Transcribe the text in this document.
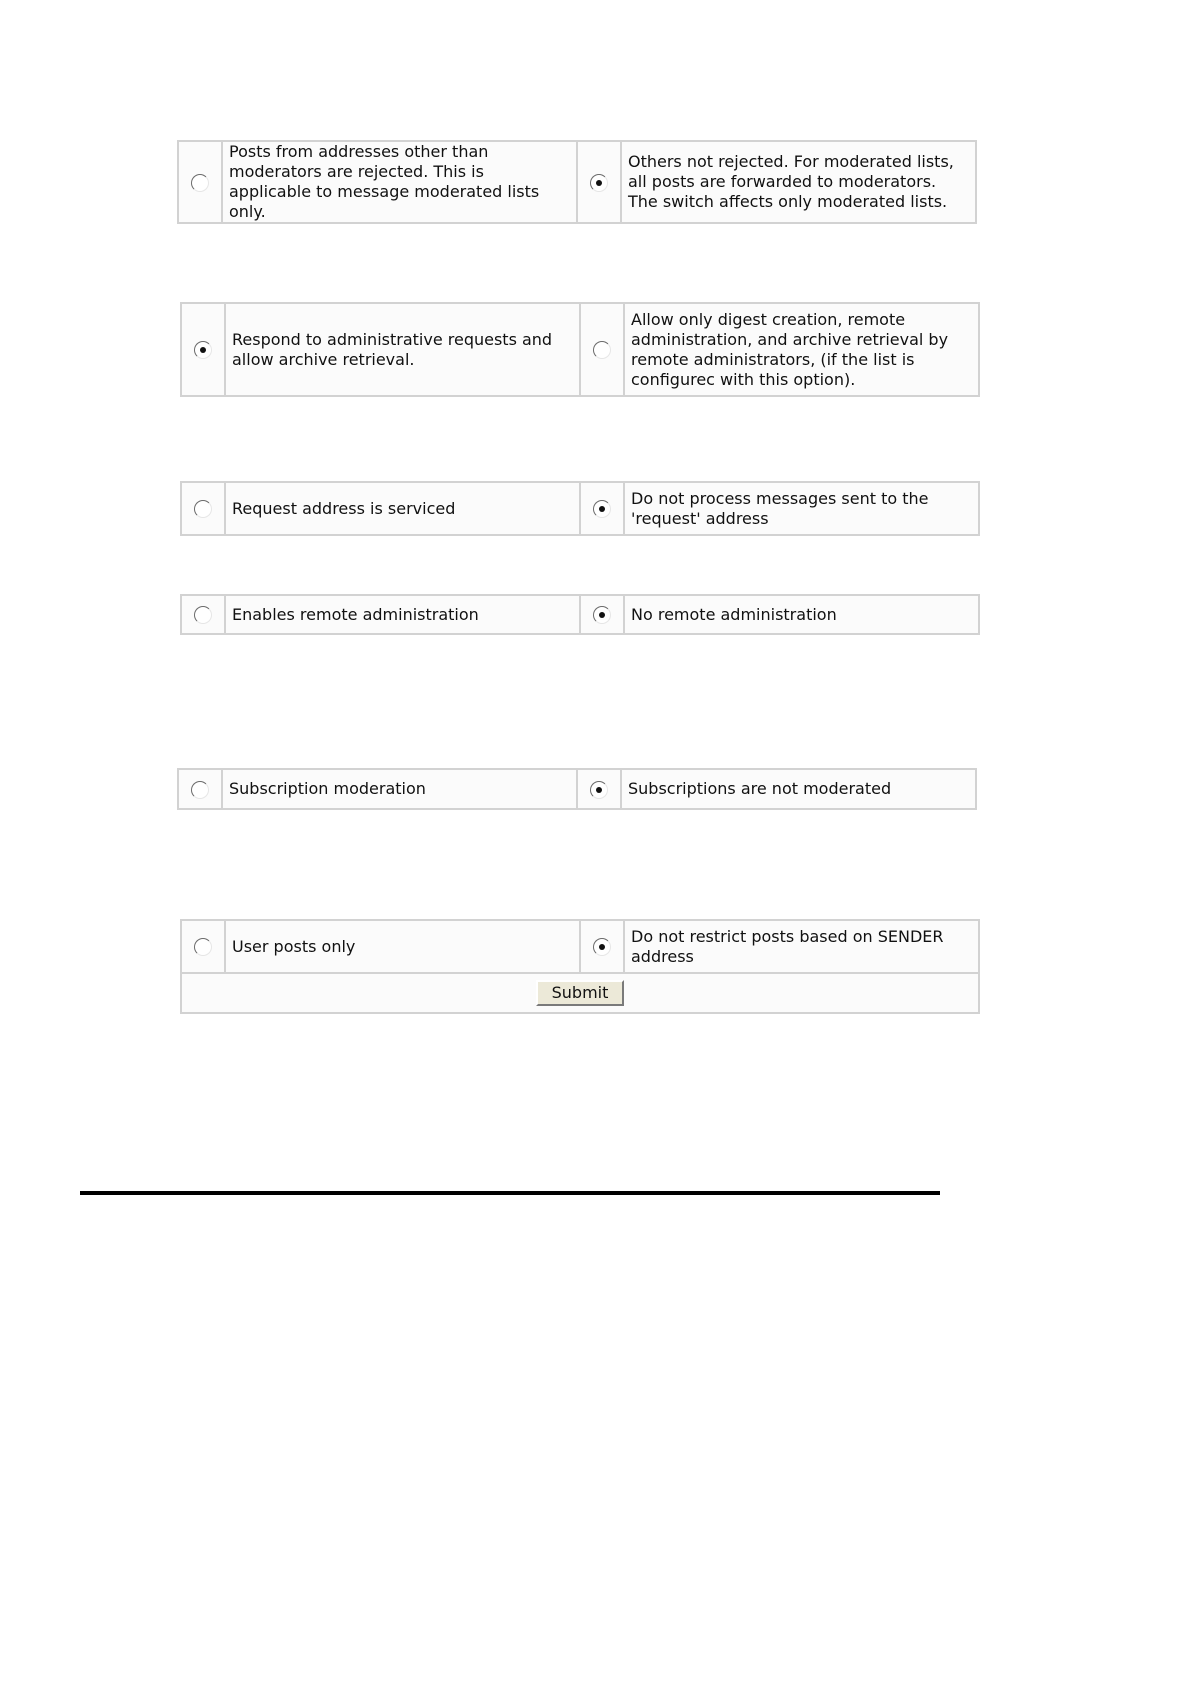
	Posts from addresses other than moderators are rejected. This is applicable to message moderated lists only.		Others not rejected. For moderated lists, all posts are forwarded to moderators. The switch affects only moderated lists.
	Respond to administrative requests and allow archive retrieval.		Allow only digest creation, remote administration, and archive retrieval by remote administrators, (if the list is configurec with this option).
	Request address is serviced		Do not process messages sent to the 'request' address
	Enables remote administration		No remote administration
	Subscription moderation		Subscriptions are not moderated
	User posts only		Do not restrict posts based on SENDER address
Submit
